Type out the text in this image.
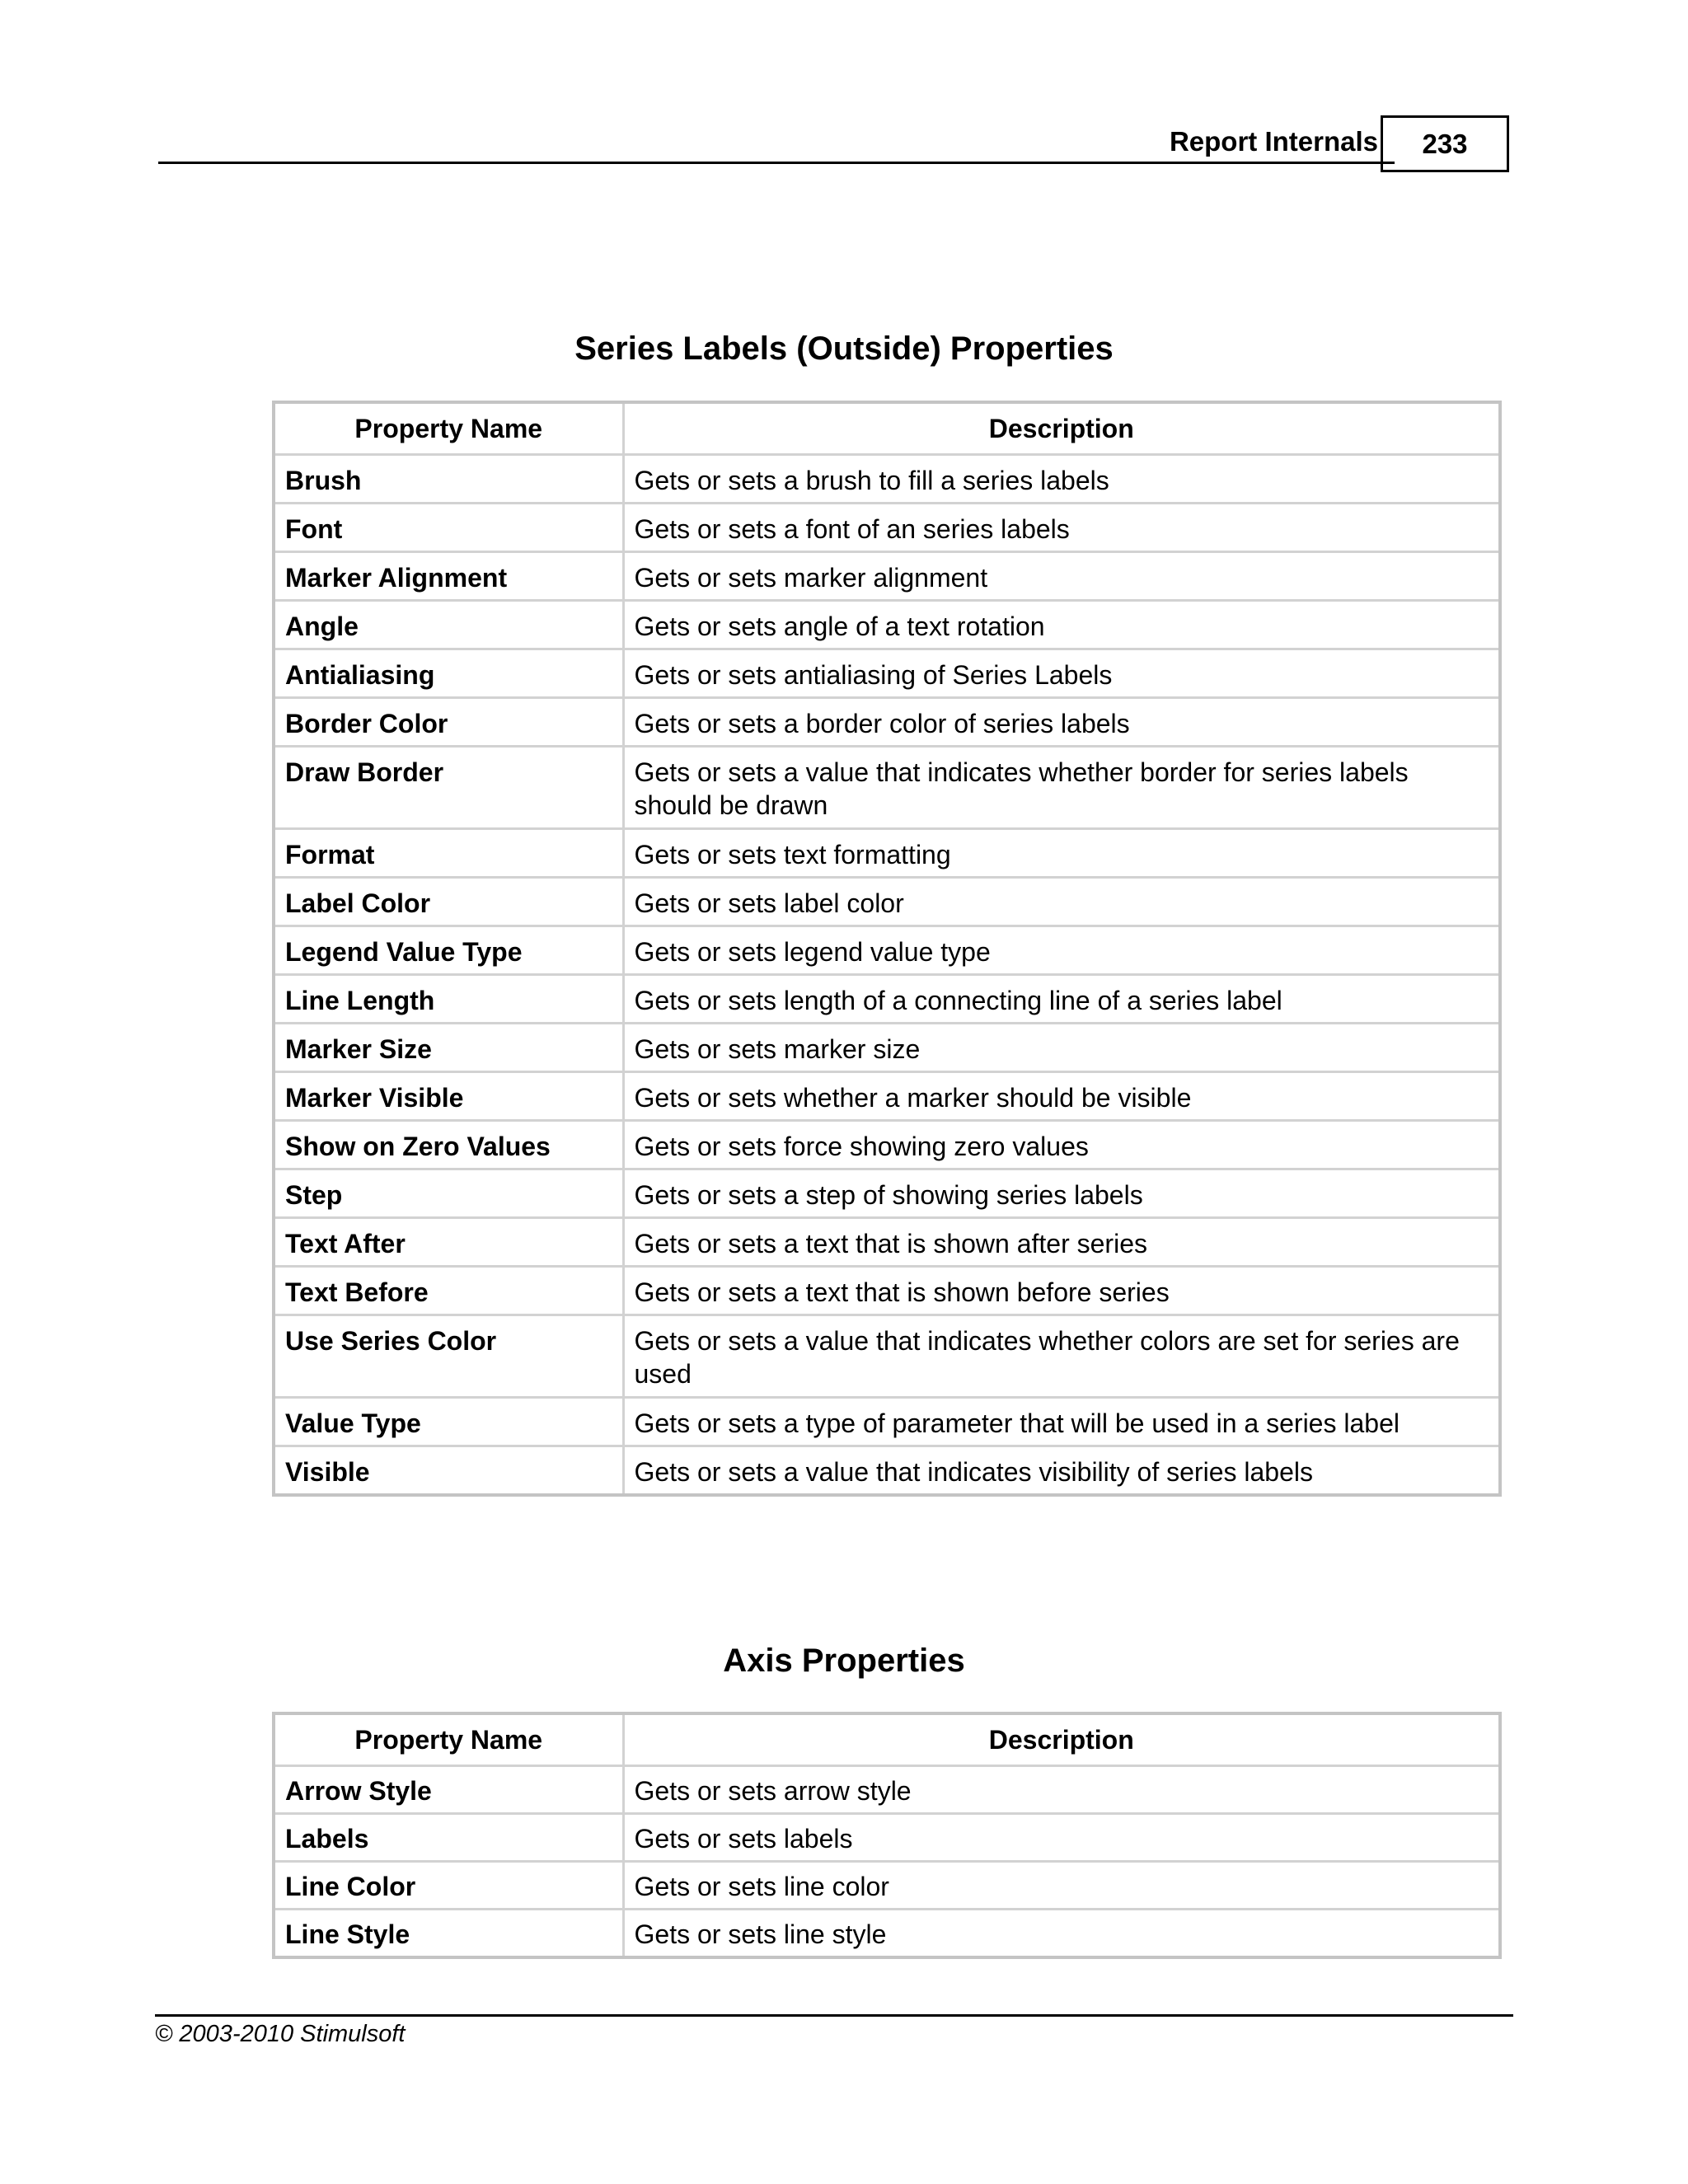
Report Internals	233
Series Labels (Outside) Properties
Property Name	Description
Brush	Gets or sets a brush to fill a series labels
Font	Gets or sets a font of an series labels
Marker Alignment	Gets or sets marker alignment
Angle	Gets or sets angle of a text rotation
Antialiasing	Gets or sets antialiasing of Series Labels
Border Color	Gets or sets a border color of series labels
Draw Border	Gets or sets a value that indicates whether border for series labels should be drawn
Format	Gets or sets text formatting
Label Color	Gets or sets label color
Legend Value Type	Gets or sets legend value type
Line Length	Gets or sets length of a connecting line of a series label
Marker Size	Gets or sets marker size
Marker Visible	Gets or sets whether a marker should be visible
Show on Zero Values	Gets or sets force showing zero values
Step	Gets or sets a step of showing series labels
Text After	Gets or sets a text that is shown after series
Text Before	Gets or sets a text that is shown before series
Use Series Color	Gets or sets a value that indicates whether colors are set for series are used
Value Type	Gets or sets a type of parameter that will be used in a series label
Visible	Gets or sets a value that indicates visibility of series labels
Axis Properties
Property Name	Description
Arrow Style	Gets or sets arrow style
Labels	Gets or sets labels
Line Color	Gets or sets line color
Line Style	Gets or sets line style
© 2003-2010 Stimulsoft
